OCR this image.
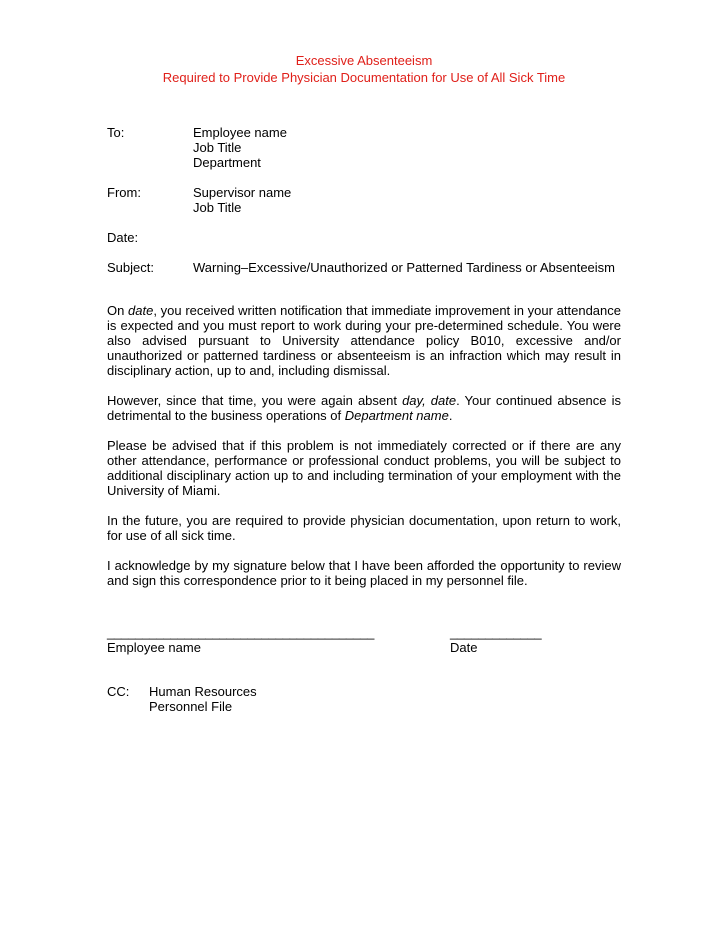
Excessive Absenteeism
Required to Provide Physician Documentation for Use of All Sick Time
To:	Employee name
Job Title
Department
From:	Supervisor name
Job Title
Date:
Subject:	Warning–Excessive/Unauthorized or Patterned Tardiness or Absenteeism

On date, you received written notification that immediate improvement in your attendance is expected and you must report to work during your pre-determined schedule. You were also advised pursuant to University attendance policy B010, excessive and/or unauthorized or patterned tardiness or absenteeism is an infraction which may result in disciplinary action, up to and, including dismissal.

However, since that time, you were again absent day, date. Your continued absence is detrimental to the business operations of Department name.

Please be advised that if this problem is not immediately corrected or if there are any other attendance, performance or professional conduct problems, you will be subject to additional disciplinary action up to and including termination of your employment with the University of Miami.

In the future, you are required to provide physician documentation, upon return to work, for use of all sick time.

I acknowledge by my signature below that I have been afforded the opportunity to review and sign this correspondence prior to it being placed in my personnel file.

______________________________________	_____________
Employee name	Date
CC: Human Resources
Personnel File
